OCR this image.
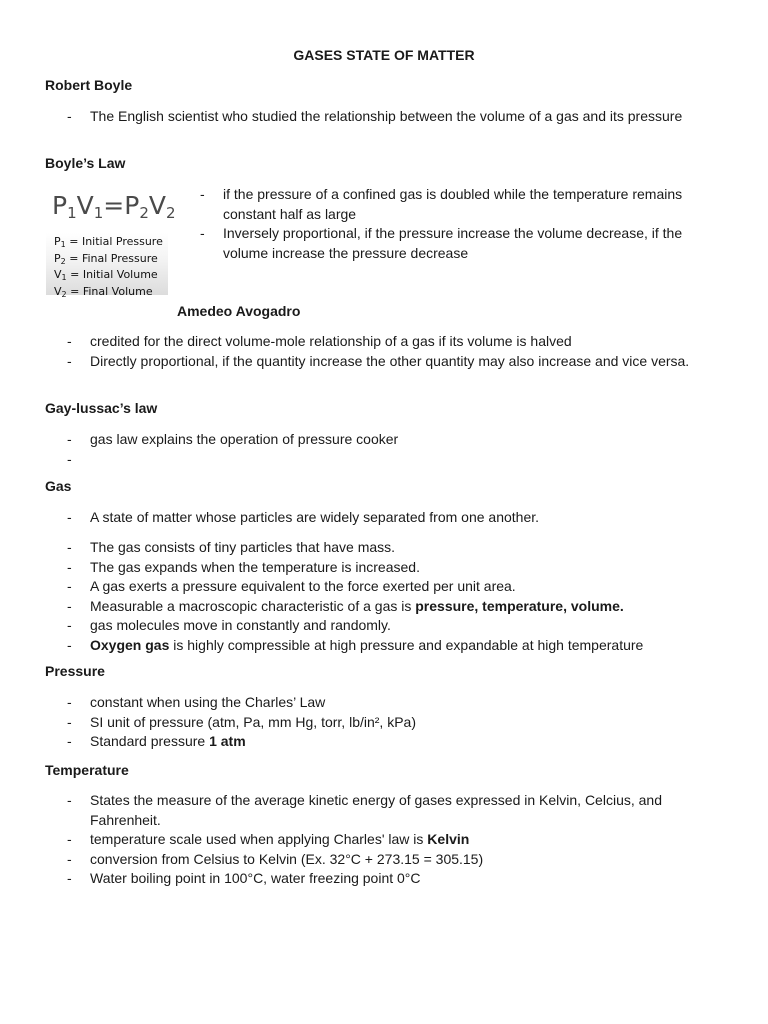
GASES STATE OF MATTER
Robert Boyle
- The English scientist who studied the relationship between the volume of a gas and its pressure
Boyle’s Law
$P_1V_1=P_2V_2$
$P_1$ = Initial Pressure
$P_2$ = Final Pressure
$V_1$ = Initial Volume
$V_2$ = Final Volume
- if the pressure of a confined gas is doubled while the temperature remains constant half as large
- Inversely proportional, if the pressure increase the volume decrease, if the volume increase the pressure decrease
Amedeo Avogadro
- credited for the direct volume-mole relationship of a gas if its volume is halved
- Directly proportional, if the quantity increase the other quantity may also increase and vice versa.
Gay-lussac’s law
- gas law explains the operation of pressure cooker
-
Gas
- A state of matter whose particles are widely separated from one another.
- The gas consists of tiny particles that have mass.
- The gas expands when the temperature is increased.
- A gas exerts a pressure equivalent to the force exerted per unit area.
- Measurable a macroscopic characteristic of a gas is pressure, temperature, volume.
- gas molecules move in constantly and randomly.
- Oxygen gas is highly compressible at high pressure and expandable at high temperature
Pressure
- constant when using the Charles’ Law
- SI unit of pressure (atm, Pa, mm Hg, torr, lb/in², kPa)
- Standard pressure 1 atm
Temperature
- States the measure of the average kinetic energy of gases expressed in Kelvin, Celcius, and Fahrenheit.
- temperature scale used when applying Charles' law is Kelvin
- conversion from Celsius to Kelvin (Ex. 32°C + 273.15 = 305.15)
- Water boiling point in 100°C, water freezing point 0°C
